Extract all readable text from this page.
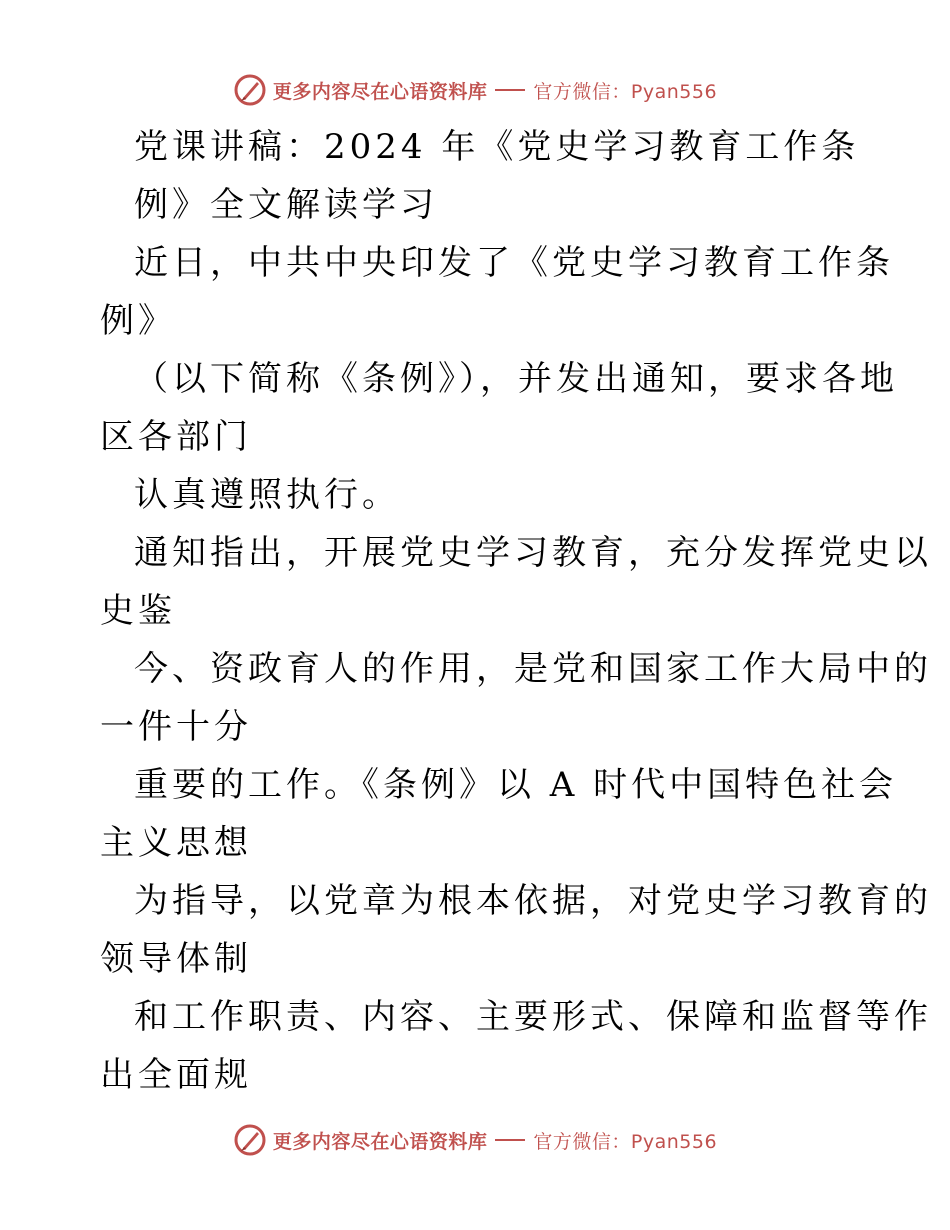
更多内容尽在心语资料库 官方微信：Pyan556
党课讲稿：2024 年《党史学习教育工作条
例》全文解读学习
近日，中共中央印发了《党史学习教育工作条
例》
（以下简称《条例》），并发出通知，要求各地
区各部门
认真遵照执行。
通知指出，开展党史学习教育，充分发挥党史以
史鉴
今、资政育人的作用，是党和国家工作大局中的
一件十分
重要的工作。《条例》以 A 时代中国特色社会
主义思想
为指导，以党章为根本依据，对党史学习教育的
领导体制
和工作职责、内容、主要形式、保障和监督等作
出全面规
更多内容尽在心语资料库 官方微信：Pyan556
